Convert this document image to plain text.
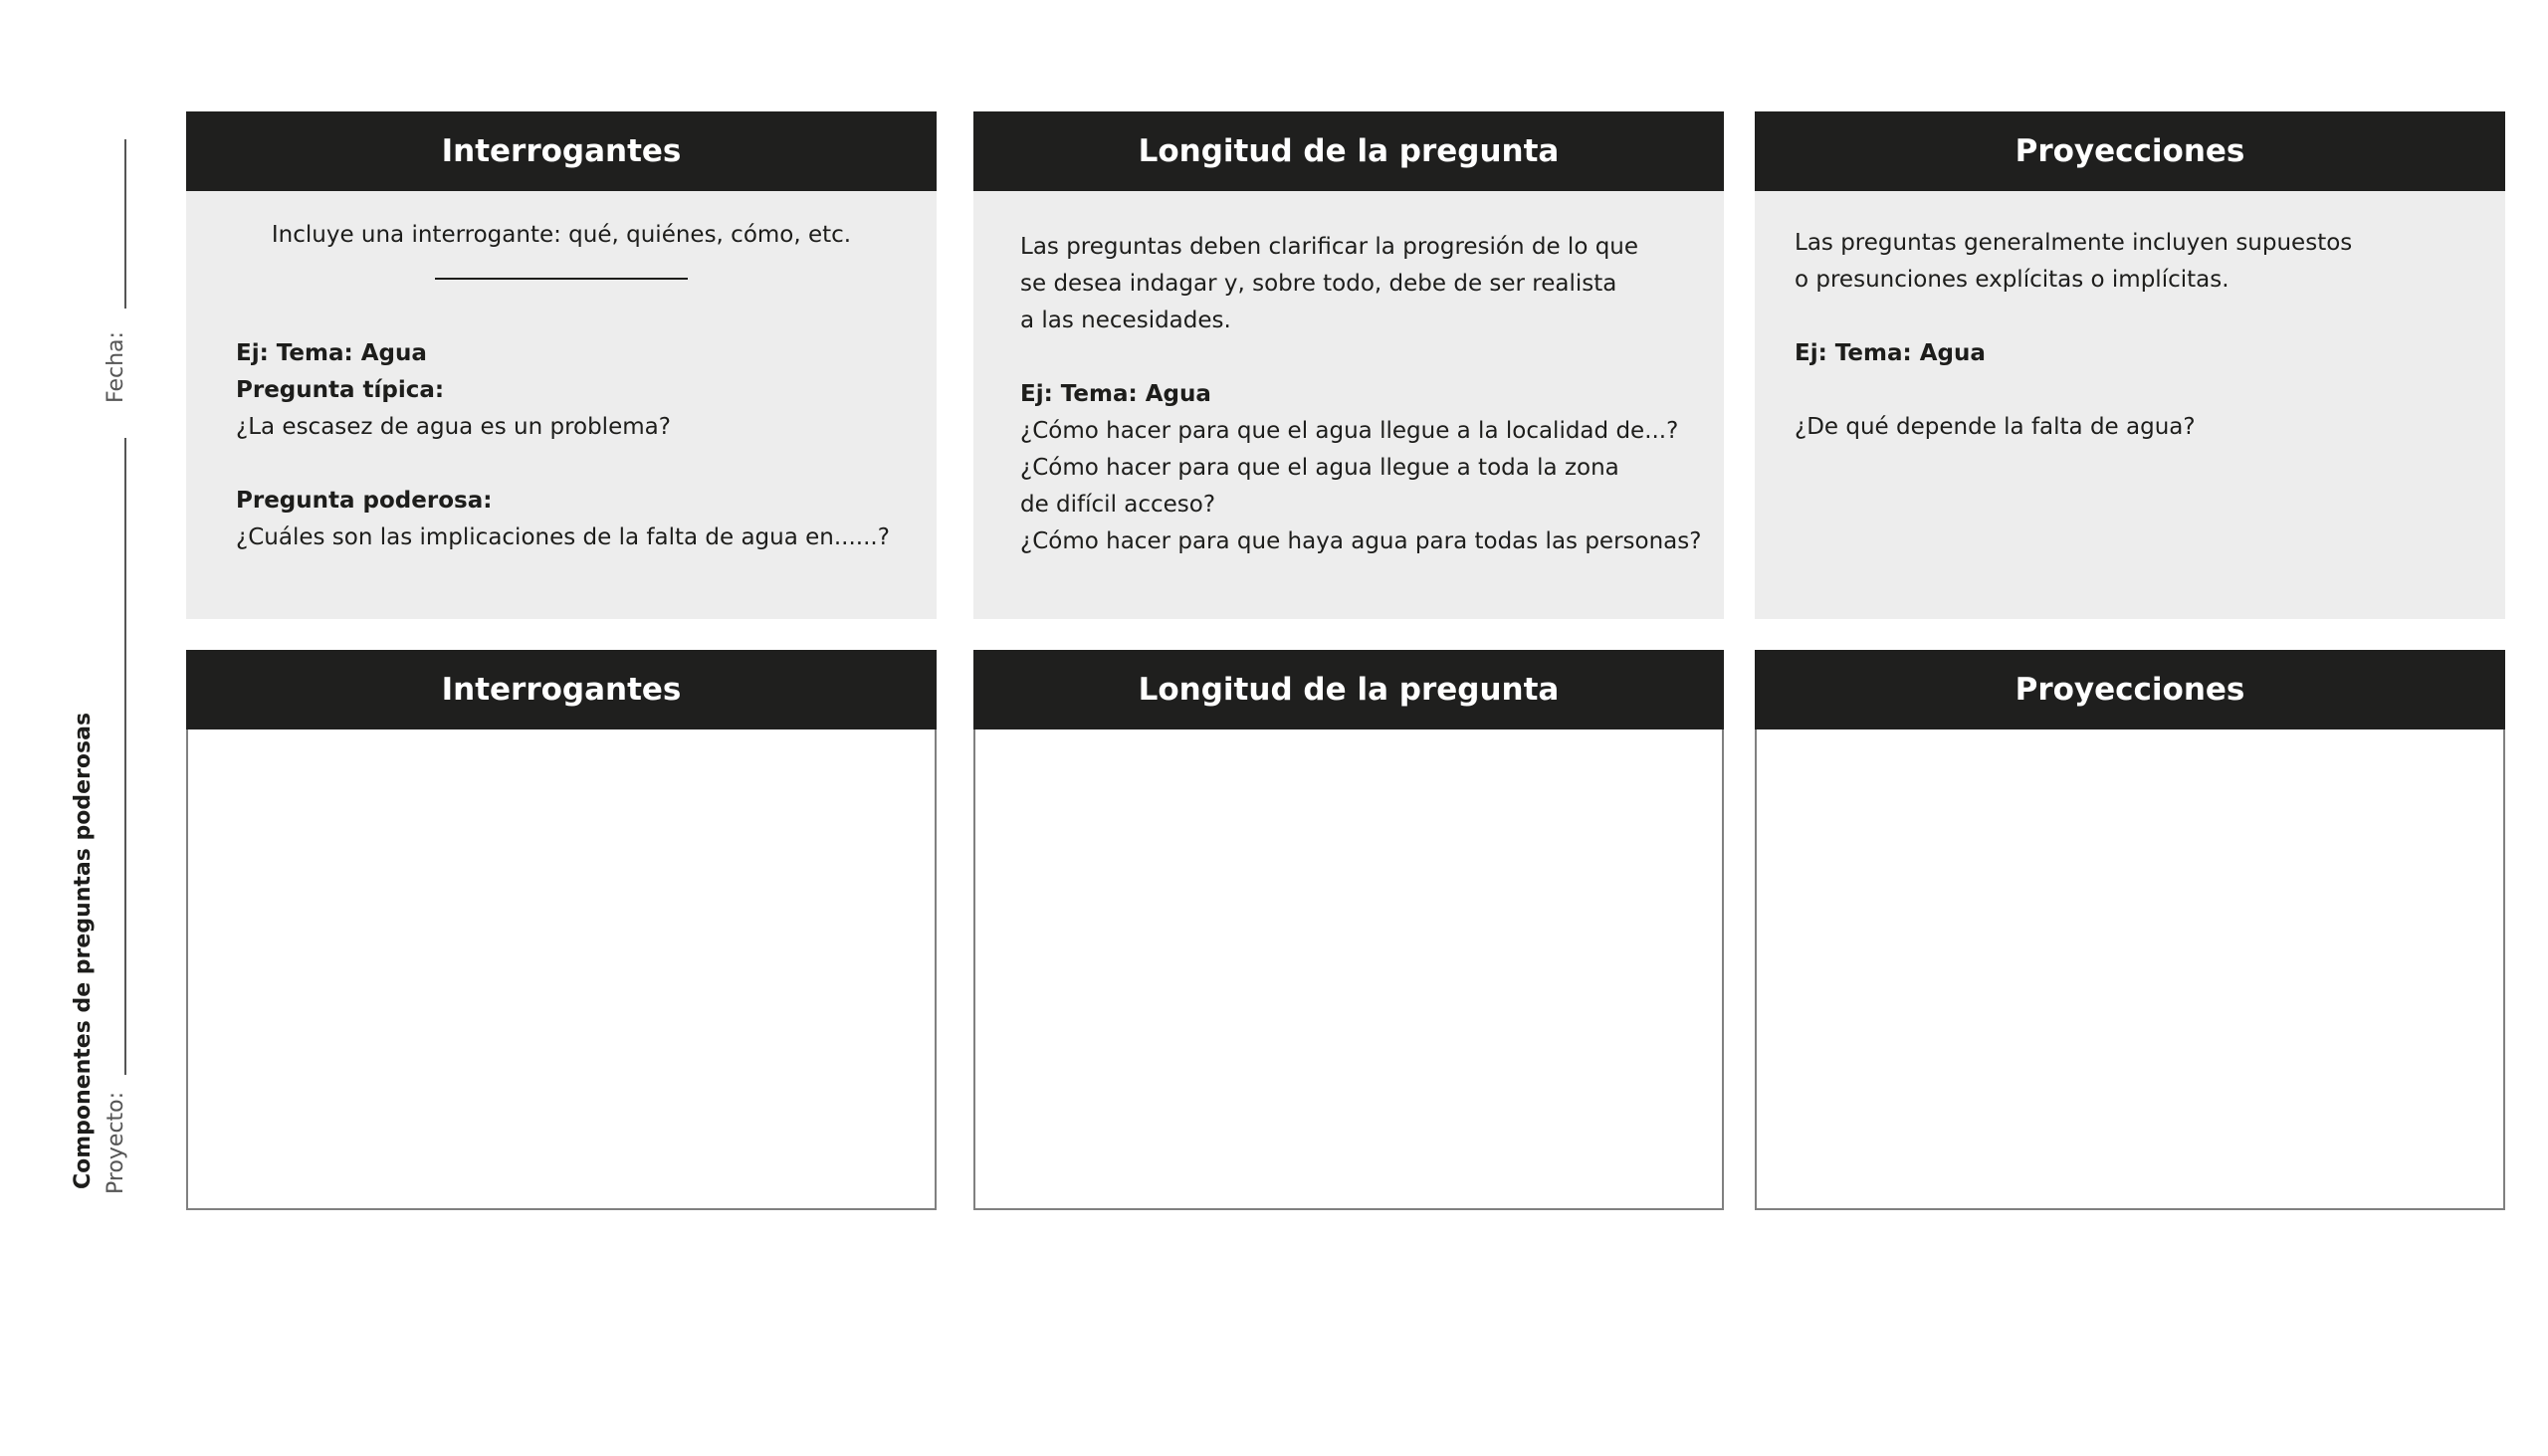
Componentes de preguntas poderosas
Fecha:
Proyecto:
Interrogantes
Incluye una interrogante: qué, quiénes, cómo, etc.
Ej: Tema: Agua
Pregunta típica:
¿La escasez de agua es un problema?
Pregunta poderosa:
¿Cuáles son las implicaciones de la falta de agua en......?
Longitud de la pregunta
Las preguntas deben clarificar la progresión de lo que
se desea indagar y, sobre todo, debe de ser realista
a las necesidades.
Ej: Tema: Agua
¿Cómo hacer para que el agua llegue a la localidad de...?
¿Cómo hacer para que el agua llegue a toda la zona
de difícil acceso?
¿Cómo hacer para que haya agua para todas las personas?
Proyecciones
Las preguntas generalmente incluyen supuestos
o presunciones explícitas o implícitas.
Ej: Tema: Agua
¿De qué depende la falta de agua?
Interrogantes	Longitud de la pregunta	Proyecciones
